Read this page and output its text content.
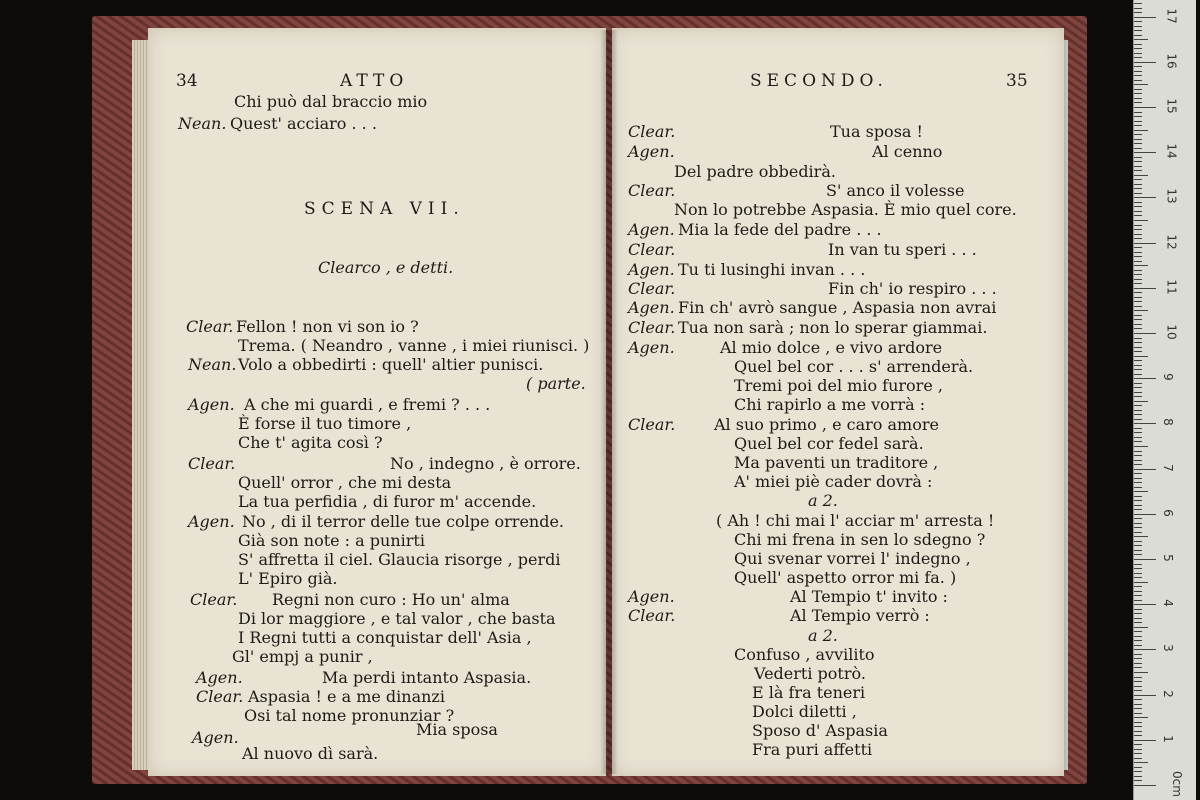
34	ATTO
Chi può dal braccio mio
Nean. Quest' acciaro . . .
SCENA VII.
Clearco , e detti.
Clear. Fellon ! non vi son io ?
Trema. ( Neandro , vanne , i miei riunisci. )
Nean. Volo a obbedirti : quell' altier punisci.
( parte.
Agen. A che mi guardi , e fremi ? . . .
È forse il tuo timore ,
Che t' agita così ?
Clear.	No , indegno , è orrore.
Quell' orror , che mi desta
La tua perfidia , di furor m' accende.
Agen. No , di il terror delle tue colpe orrende.
Già son note : a punirti
S' affretta il ciel. Glaucia risorge , perdi
L' Epiro già.
Clear. Regni non curo : Ho un' alma
Di lor maggiore , e tal valor , che basta
I Regni tutti a conquistar dell' Asia ,
Gl' empj a punir ,
Agen.	Ma perdi intanto Aspasia.
Clear. Aspasia ! e a me dinanzi
Osi tal nome pronunziar ?
Mia sposa
Agen.
Al nuovo dì sarà.
SECONDO.	35
Clear.	Tua sposa !
Agen.	Al cenno
Del padre obbedirà.
Clear.	S' anco il volesse
Non lo potrebbe Aspasia. È mio quel core.
Agen. Mia la fede del padre . . .
Clear.	In van tu speri . . .
Agen. Tu ti lusinghi invan . . .
Clear.	Fin ch' io respiro . . .
Agen. Fin ch' avrò sangue , Aspasia non avrai
Clear. Tua non sarà ; non lo sperar giammai.
Agen.	Al mio dolce , e vivo ardore
Quel bel cor . . . s' arrenderà.
Tremi poi del mio furore ,
Chi rapirlo a me vorrà :
Clear. Al suo primo , e caro amore
Quel bel cor fedel sarà.
Ma paventi un traditore ,
A' miei piè cader dovrà :
a 2.
( Ah ! chi mai l' acciar m' arresta !
Chi mi frena in sen lo sdegno ?
Qui svenar vorrei l' indegno ,
Quell' aspetto orror mi fa. )
Agen.	Al Tempio t' invito :
Clear.	Al Tempio verrò :
a 2.
Confuso , avvilito
Vederti potrò.
E là fra teneri
Dolci diletti ,
Sposo d' Aspasia
Fra puri affetti
0cm
1
2
3
4
5
6
7
8
9
10
11
12
13
14
15
16
17
